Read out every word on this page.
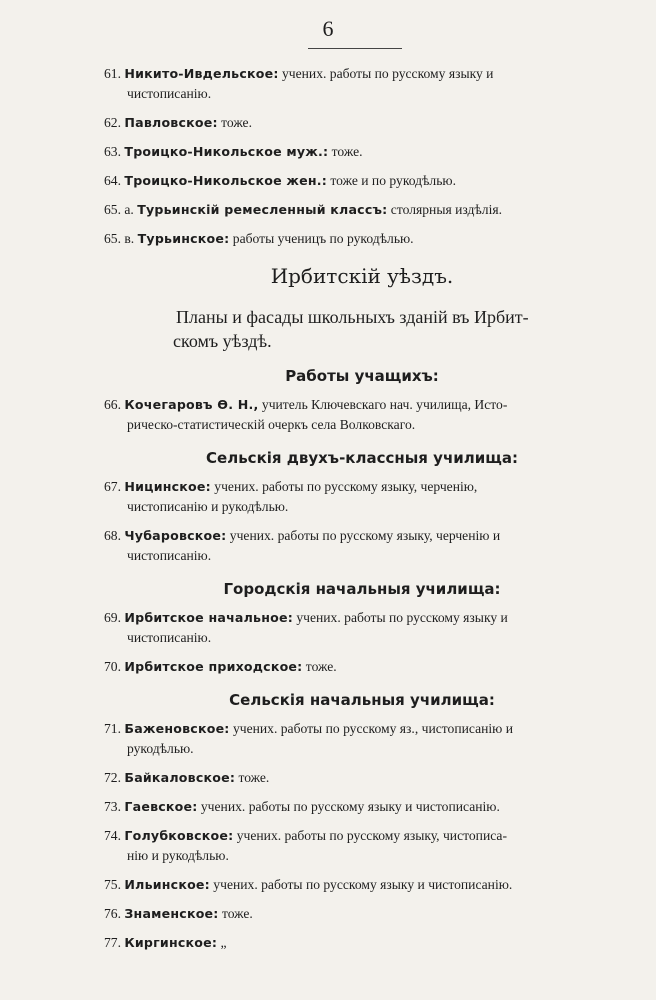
6
61. Никито-Ивдельское: учених. работы по русскому языку и
чистописанію.
62. Павловское: тоже.
63. Троицко-Никольское муж.: тоже.
64. Троицко-Никольское жен.: тоже и по рукодѣлью.
65. а. Турьинскій ремесленный классъ: столярныя издѣлія.
65. в. Турьинское: работы ученицъ по рукодѣлью.
Ирбитскій уѣздъ.
Планы и фасады школьныхъ зданій въ Ирбит-
скомъ уѣздѣ.
Работы учащихъ:
66. Кочегаровъ Ѳ. Н., учитель Ключевскаго нач. училища, Исто-
рическо-статистическій очеркъ села Волковскаго.
Сельскія двухъ-классныя училища:
67. Ницинское: учених. работы по русскому языку, черченію,
чистописанію и рукодѣлью.
68. Чубаровское: учених. работы по русскому языку, черченію и
чистописанію.
Городскія начальныя училища:
69. Ирбитское начальное: учених. работы по русскому языку и
чистописанію.
70. Ирбитское приходское: тоже.
Сельскія начальныя училища:
71. Баженовское: учених. работы по русскому яз., чистописанію и
рукодѣлью.
72. Байкаловское: тоже.
73. Гаевское: учених. работы по русскому языку и чистописанію.
74. Голубковское: учених. работы по русскому языку, чистописа-
нію и рукодѣлью.
75. Ильинское: учених. работы по русскому языку и чистописанію.
76. Знаменское: тоже.
77. Киргинское: „
